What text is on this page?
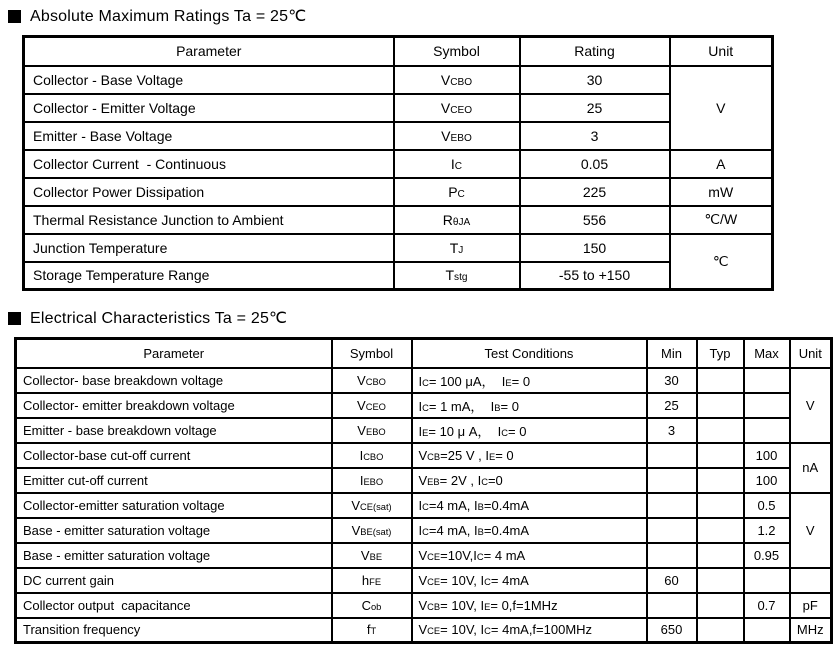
Absolute Maximum Ratings Ta = 25℃
Parameter	Symbol	Rating	Unit
Collector - Base Voltage	VCBO	30	V
Collector - Emitter Voltage	VCEO	25	
Emitter - Base Voltage	VEBO	3	
Collector Current  - Continuous	IC	0.05	A
Collector Power Dissipation	PC	225	mW
Thermal Resistance Junction to Ambient	RθJA	556	℃/W
Junction Temperature	TJ	150	℃
Storage Temperature Range	Tstg	-55 to +150	
Electrical Characteristics Ta = 25℃
Parameter	Symbol	Test Conditions	Min	Typ	Max	Unit
Collector- base breakdown voltage	VCBO	IC= 100 μA，  IE= 0	30			V
Collector- emitter breakdown voltage	VCEO	IC= 1 mA，  IB= 0	25			
Emitter - base breakdown voltage	VEBO	IE= 10 μ A，  IC= 0	3			
Collector-base cut-off current	ICBO	VCB=25 V , IE= 0			100	nA
Emitter cut-off current	IEBO	VEB= 2V , IC=0			100	
Collector-emitter saturation voltage	VCE(sat)	IC=4 mA, IB=0.4mA			0.5	V
Base - emitter saturation voltage	VBE(sat)	IC=4 mA, IB=0.4mA			1.2	
Base - emitter saturation voltage	VBE	VCE=10V,IC= 4 mA			0.95	
DC current gain	hFE	VCE= 10V, IC= 4mA	60			
Collector output  capacitance	Cob	VCB= 10V, IE= 0,f=1MHz			0.7	pF
Transition frequency	fT	VCE= 10V, IC= 4mA,f=100MHz	650			MHz
